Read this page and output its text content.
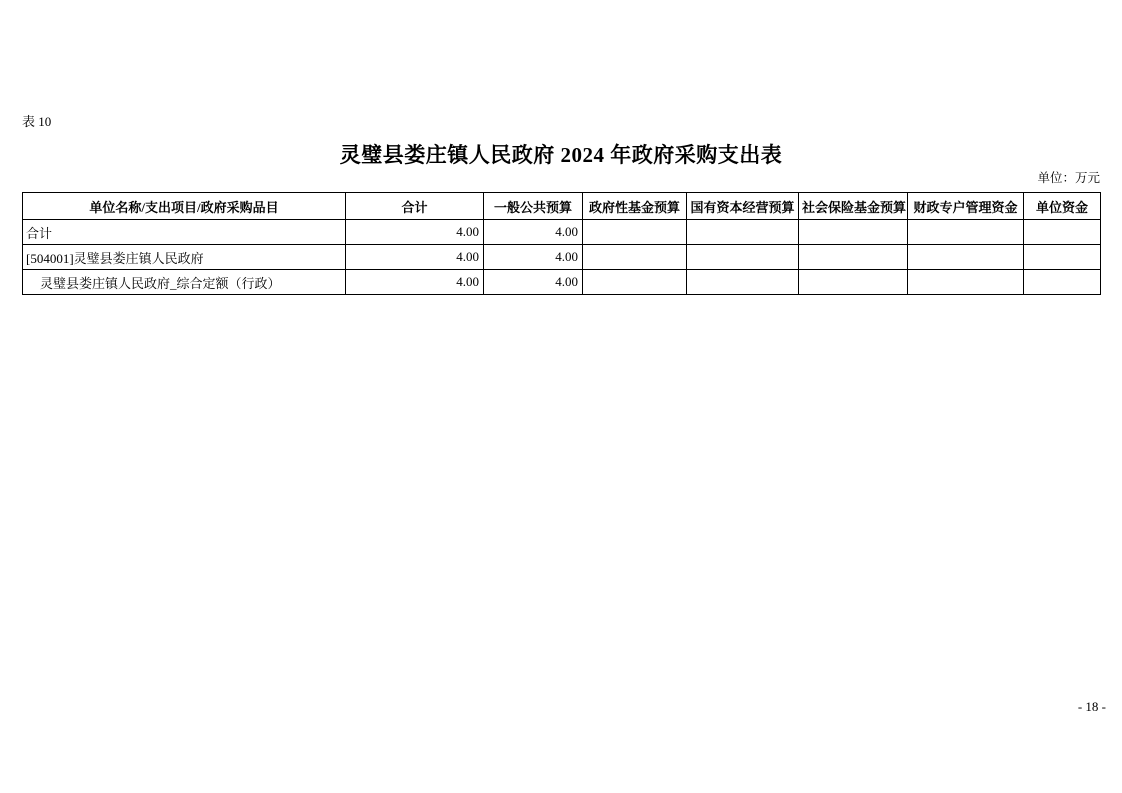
表 10
灵璧县娄庄镇人民政府 2024 年政府采购支出表
单位：万元
单位名称/支出项目/政府采购品目	合计	一般公共预算	政府性基金预算	国有资本经营预算	社会保险基金预算	财政专户管理资金	单位资金
合计	4.00	4.00					
[504001]灵璧县娄庄镇人民政府	4.00	4.00					
灵璧县娄庄镇人民政府_综合定额（行政）	4.00	4.00					
- 18 -
